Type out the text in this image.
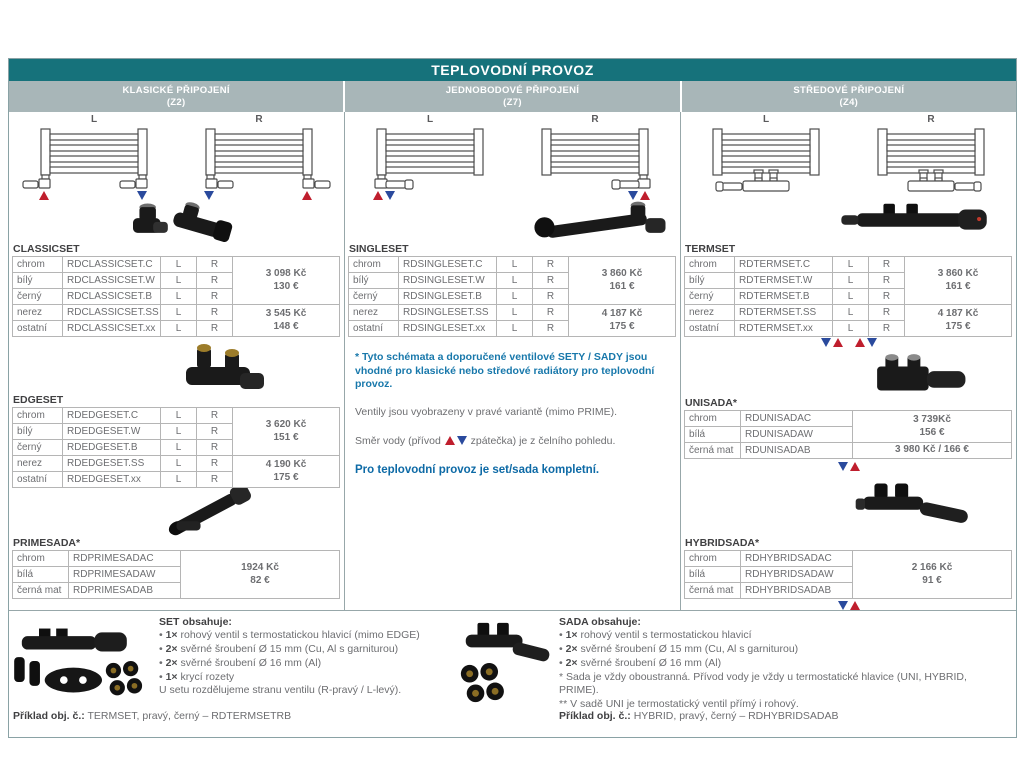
TEPLOVODNÍ PROVOZ
KLASICKÉ PŘIPOJENÍ
(Z2)
JEDNOBODOVÉ PŘIPOJENÍ
(Z7)
STŘEDOVÉ PŘIPOJENÍ
(Z4)
L	R
CLASSICSET
chrom	RDCLASSICSET.C	L	R	3 098 Kč
130 €

bílý	RDCLASSICSET.W	L	R	
černý	RDCLASSICSET.B	L	R	
nerez	RDCLASSICSET.SS	L	R	3 545 Kč
148 €

ostatní	RDCLASSICSET.xx	L	R	
EDGESET
chrom	RDEDGESET.C	L	R	3 620 Kč
151 €

bílý	RDEDGESET.W	L	R	
černý	RDEDGESET.B	L	R	
nerez	RDEDGESET.SS	L	R	4 190 Kč
175 €

ostatní	RDEDGESET.xx	L	R	
PRIMESADA*
chrom	RDPRIMESADAC	1924 Kč
82 €

bílá	RDPRIMESADAW	
černá mat	RDPRIMESADAB	
L	R
SINGLESET
chrom	RDSINGLESET.C	L	R	3 860 Kč
161 €

bílý	RDSINGLESET.W	L	R	
černý	RDSINGLESET.B	L	R	
nerez	RDSINGLESET.SS	L	R	4 187 Kč
175 €

ostatní	RDSINGLESET.xx	L	R	
* Tyto schémata a doporučené ventilové SETY / SADY jsou vhodné pro klasické nebo středové radiátory pro teplovodní provoz.
Ventily jsou vyobrazeny v pravé variantě (mimo PRIME).
Směr vody (přívod	zpátečka) je z čelního pohledu.
Pro teplovodní provoz je set/sada kompletní.
L	R
TERMSET
chrom	RDTERMSET.C	L	R	3 860 Kč
161 €

bílý	RDTERMSET.W	L	R	
černý	RDTERMSET.B	L	R	
nerez	RDTERMSET.SS	L	R	4 187 Kč
175 €

ostatní	RDTERMSET.xx	L	R	
UNISADA*
chrom	RDUNISADAC	3 739Kč
156 €

bílá	RDUNISADAW	
černá mat	RDUNISADAB	3 980 Kč / 166 €
HYBRIDSADA*
chrom	RDHYBRIDSADAC	2 166 Kč
91 €

bílá	RDHYBRIDSADAW	
černá mat	RDHYBRIDSADAB	
SET obsahuje:
• 1× rohový ventil s termostatickou hlavicí (mimo EDGE)
• 2× svěrné šroubení Ø 15 mm (Cu, Al s garniturou)
• 2× svěrné šroubení Ø 16 mm (Al)
• 1× krycí rozety
U setu rozdělujeme stranu ventilu (R-pravý / L-levý).
Příklad obj. č.: TERMSET, pravý, černý – RDTERMSETRB
SADA obsahuje:
• 1× rohový ventil s termostatickou hlavicí
• 2× svěrné šroubení Ø 15 mm (Cu, Al s garniturou)
• 2× svěrné šroubení Ø 16 mm (Al)
* Sada je vždy oboustranná. Přívod vody je vždy u termostatické hlavice (UNI, HYBRID, PRIME).
** V sadě UNI je termostatický ventil přímý i rohový.
Příklad obj. č.: HYBRID, pravý, černý – RDHYBRIDSADAB
